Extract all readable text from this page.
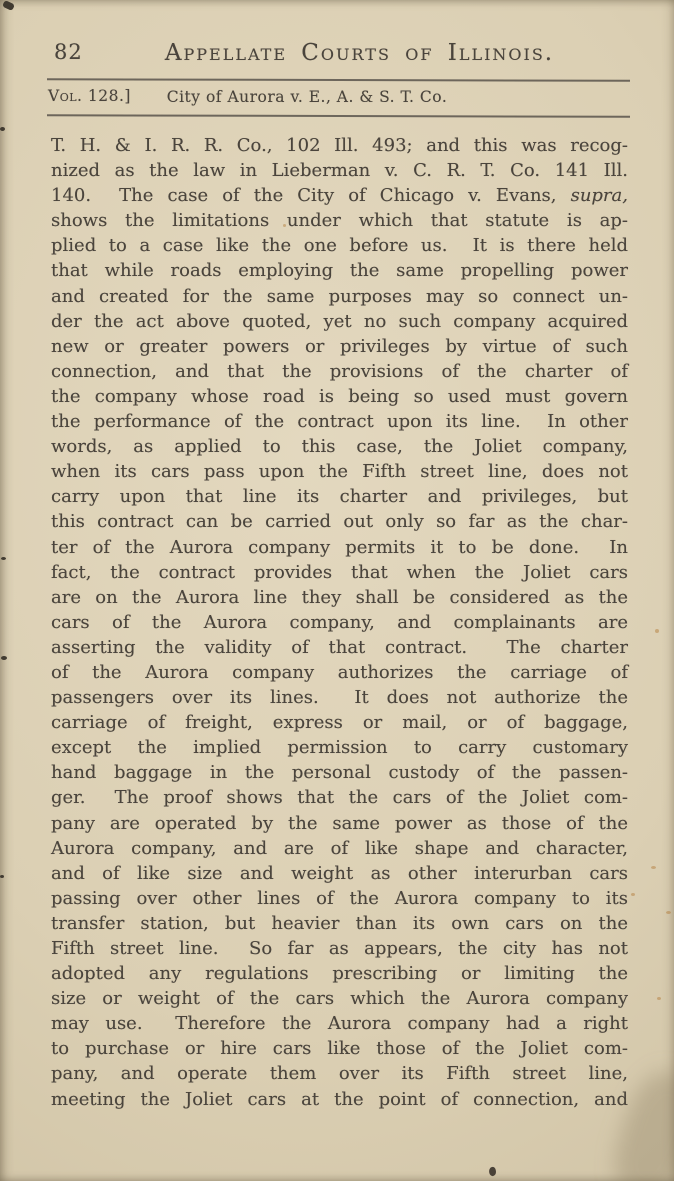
82	Appellate Courts of Illinois.
Vol. 128.]	City of Aurora v. E., A. & S. T. Co.
T. H. & I. R. R. Co., 102 Ill. 493; and this was recog-
nized as the law in Lieberman v. C. R. T. Co. 141 Ill.
140.  The case of the City of Chicago v. Evans, supra,
shows the limitations under which that statute is ap-
plied to a case like the one before us.  It is there held
that while roads employing the same propelling power
and created for the same purposes may so connect un-
der the act above quoted, yet no such company acquired
new or greater powers or privileges by virtue of such
connection, and that the provisions of the charter of
the company whose road is being so used must govern
the performance of the contract upon its line.  In other
words, as applied to this case, the Joliet company,
when its cars pass upon the Fifth street line, does not
carry upon that line its charter and privileges, but
this contract can be carried out only so far as the char-
ter of the Aurora company permits it to be done.  In
fact, the contract provides that when the Joliet cars
are on the Aurora line they shall be considered as the
cars of the Aurora company, and complainants are
asserting the validity of that contract.  The charter
of the Aurora company authorizes the carriage of
passengers over its lines.  It does not authorize the
carriage of freight, express or mail, or of baggage,
except the implied permission to carry customary
hand baggage in the personal custody of the passen-
ger.  The proof shows that the cars of the Joliet com-
pany are operated by the same power as those of the
Aurora company, and are of like shape and character,
and of like size and weight as other interurban cars
passing over other lines of the Aurora company to its
transfer station, but heavier than its own cars on the
Fifth street line.  So far as appears, the city has not
adopted any regulations prescribing or limiting the
size or weight of the cars which the Aurora company
may use.  Therefore the Aurora company had a right
to purchase or hire cars like those of the Joliet com-
pany, and operate them over its Fifth street line,
meeting the Joliet cars at the point of connection, and
